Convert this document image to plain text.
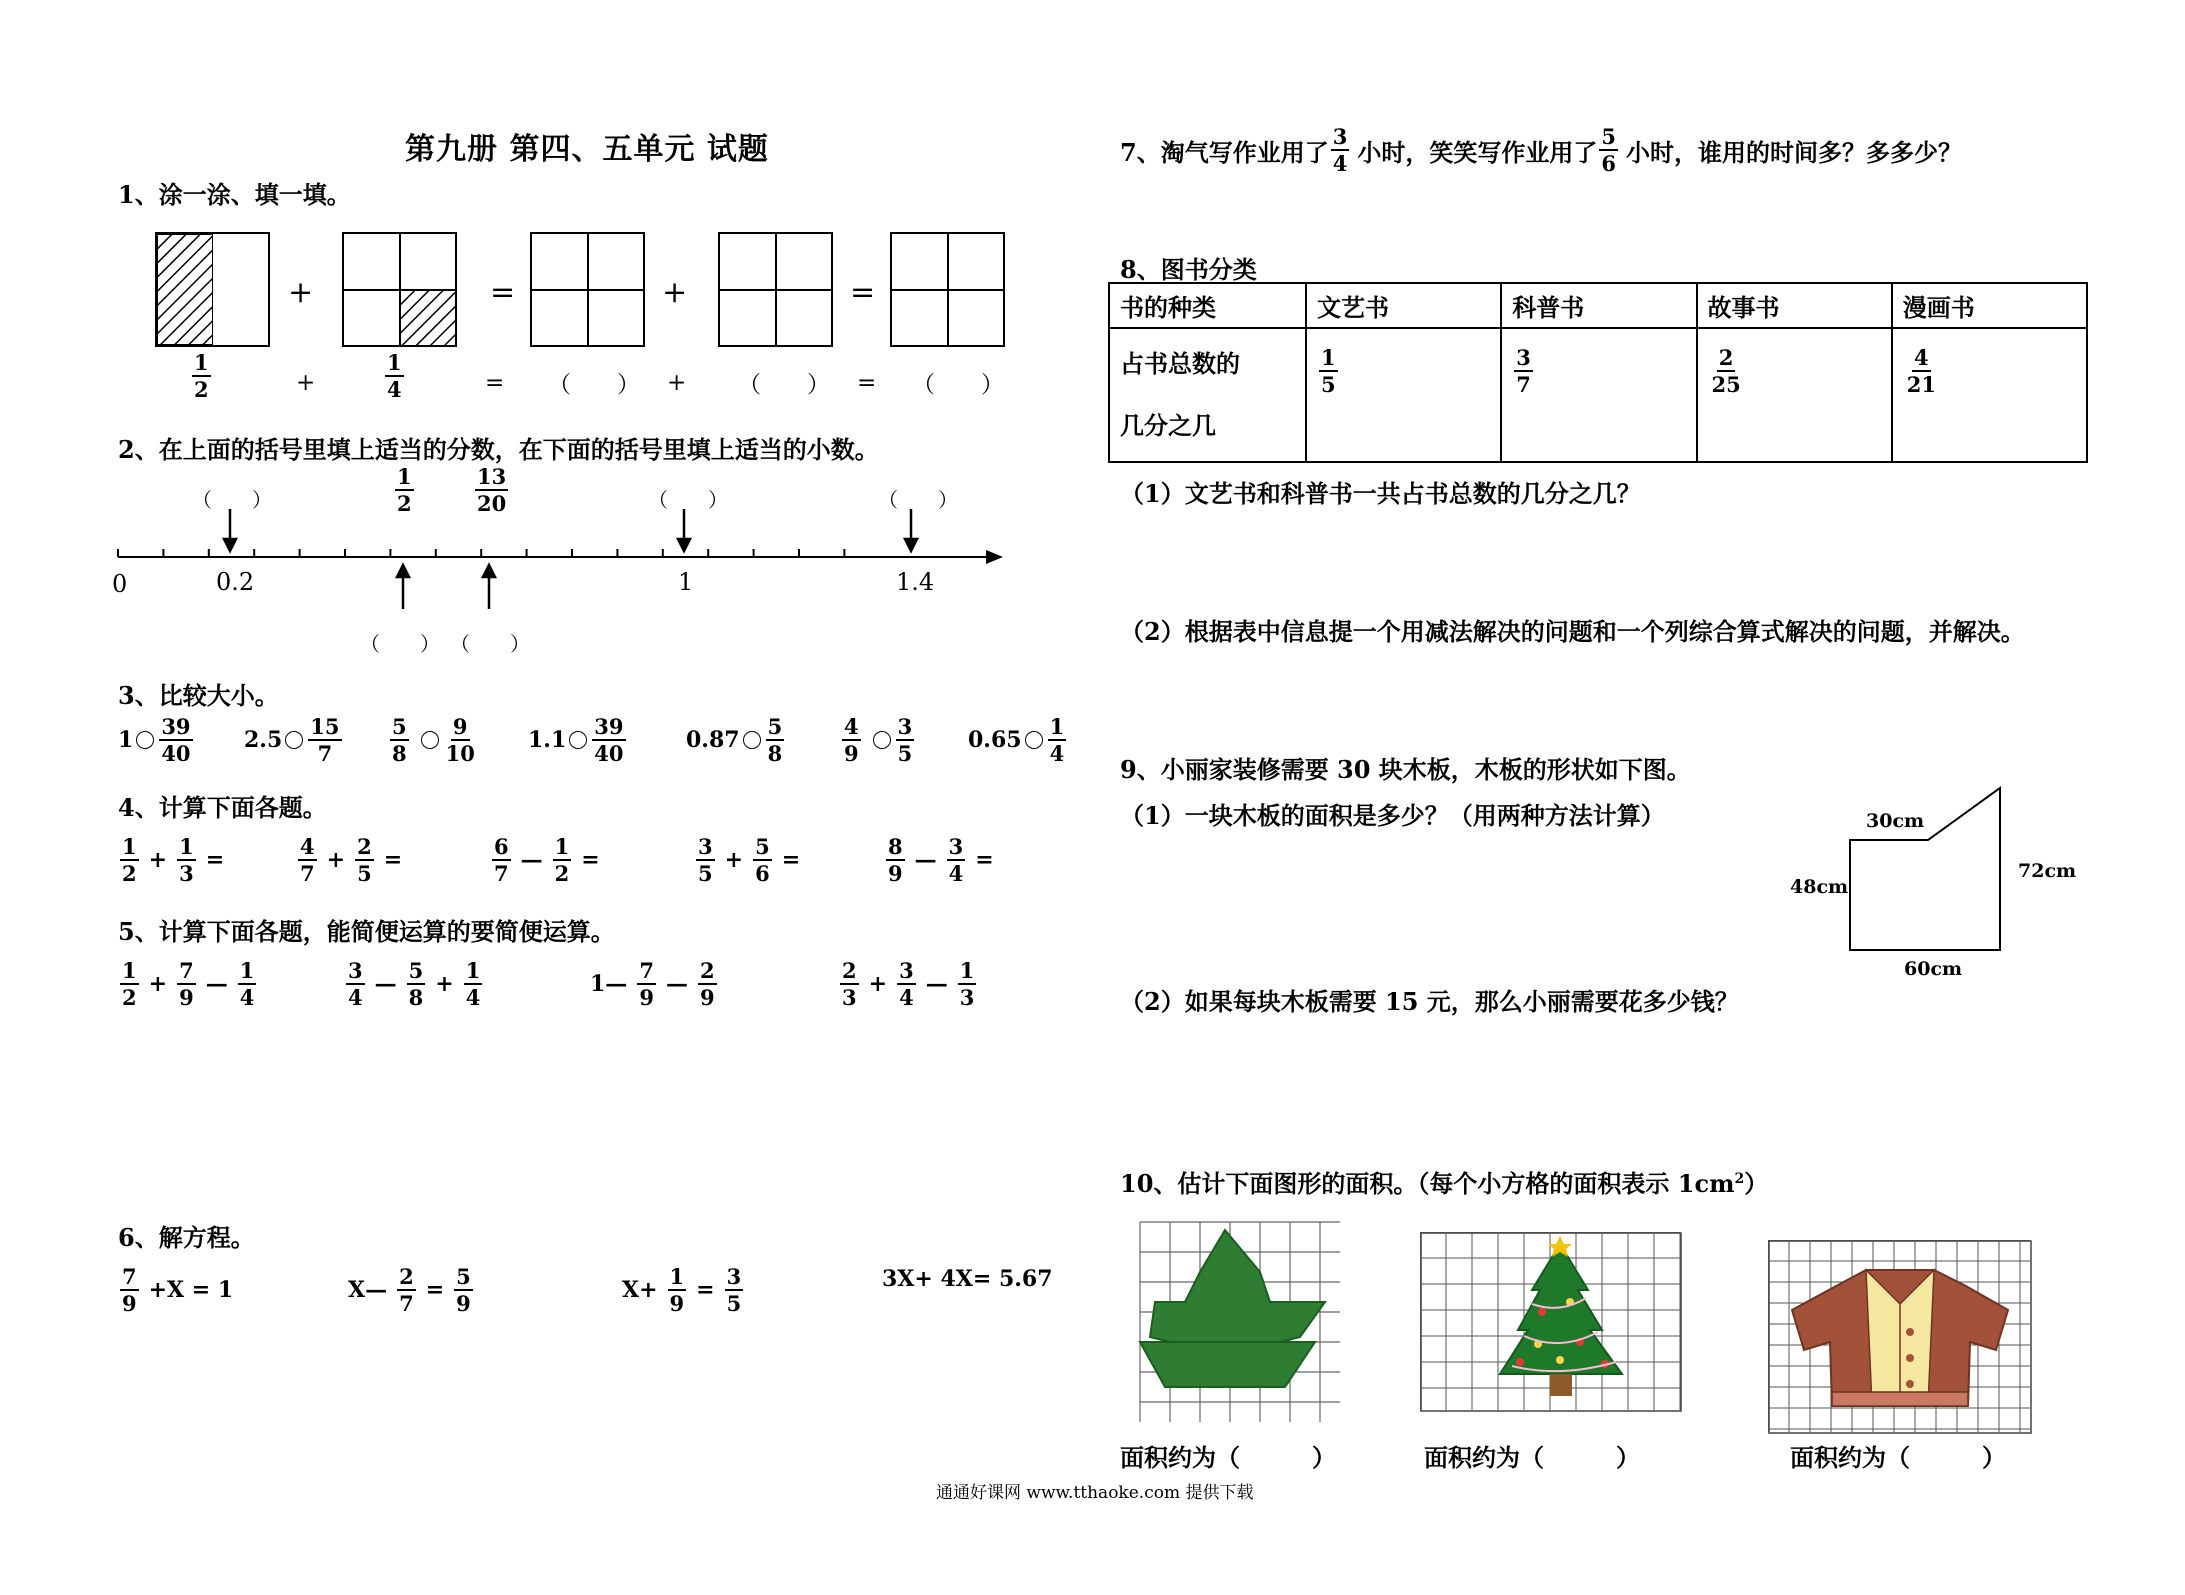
第九册 第四、五单元 试题
1、涂一涂、填一填。
+	=	+	=
$\frac{1}{2}$	+	$\frac{1}{4}$	= （　　） + （　　） = （　　）
2、在上面的括号里填上适当的分数，在下面的括号里填上适当的小数。
（　　）	$\frac{1}{2}$	$\frac{13}{20}$	（　　）	（　　）
0	0.2	1	1.4
（　　） （　　）
3、比较大小。
$1 \frac{39}{40} 2.5 \frac{15}{7} \frac{5}{8} \frac{9}{10} 1.1 \frac{39}{40}$	$0.87 \frac{5}{8}$	$\frac{4}{9} \frac{3}{5} 0.65 \frac{1}{4}$
4、计算下面各题。
$\frac{1}{2} + \frac{1}{3}$ =	$\frac{4}{7} + \frac{2}{5}$ =	$\frac{6}{7}$ — $\frac{1}{2}$ =	$\frac{3}{5} + \frac{5}{6}$ =	$\frac{8}{9}$ — $\frac{3}{4}$ =
5、计算下面各题，能简便运算的要简便运算。
$\frac{1}{2} + \frac{7}{9}$ — $\frac{1}{4}$	$\frac{3}{4}$ — $\frac{5}{8} + \frac{1}{4}$	1— $\frac{7}{9}$ — $\frac{2}{9}$	$\frac{2}{3} + \frac{3}{4}$ — $\frac{1}{3}$
6、解方程。
$\frac{7}{9} +X = 1$	X— $\frac{2}{7} = \frac{5}{9}$	$X+ \frac{1}{9} = \frac{3}{5}$	3X+ 4X= 5.67
7、淘气写作业用了 $\frac{3}{4}$ 小时，笑笑写作业用了 $\frac{5}{6}$ 小时，谁用的时间多？多多少？
8、图书分类
书的种类	文艺书	科普书	故事书	漫画书
占书总数的
几分之几	$\frac{1}{5}$	$\frac{3}{7}$	$\frac{2}{25}$	$\frac{4}{21}$
（1）文艺书和科普书一共占书总数的几分之几？
（2）根据表中信息提一个用减法解决的问题和一个列综合算式解决的问题，并解决。
9、小丽家装修需要 30 块木板，木板的形状如下图。
（1）一块木板的面积是多少？（用两种方法计算）	30cm
72cm
48cm
60cm
（2）如果每块木板需要 15 元，那么小丽需要花多少钱？
10、估计下面图形的面积。（每个小方格的面积表示 $1cm^2$）
面积约为（　　　）	面积约为（　　　）	面积约为（　　　）
通通好课网 www.tthaoke.com 提供下载
